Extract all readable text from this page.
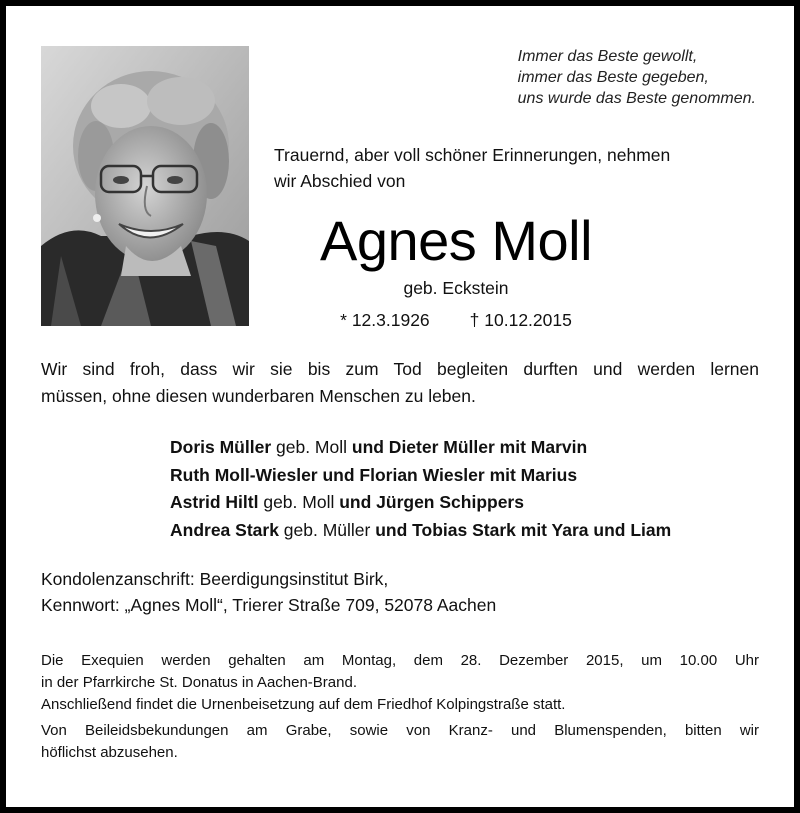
Immer das Beste gewollt,
immer das Beste gegeben,
uns wurde das Beste genommen.
Trauernd, aber voll schöner Erinnerungen, nehmen
wir Abschied von
Agnes Moll
geb. Eckstein
* 12.3.1926 † 10.12.2015
Wir sind froh, dass wir sie bis zum Tod begleiten durften und werden lernen
müssen, ohne diesen wunderbaren Menschen zu leben.
Doris Müller geb. Moll und Dieter Müller mit Marvin
Ruth Moll-Wiesler und Florian Wiesler mit Marius
Astrid Hiltl geb. Moll und Jürgen Schippers
Andrea Stark geb. Müller und Tobias Stark mit Yara und Liam
Kondolenzanschrift: Beerdigungsinstitut Birk,
Kennwort: „Agnes Moll“, Trierer Straße 709, 52078 Aachen
Die Exequien werden gehalten am Montag, dem 28. Dezember 2015, um 10.00 Uhr
in der Pfarrkirche St. Donatus in Aachen-Brand.
Anschließend findet die Urnenbeisetzung auf dem Friedhof Kolpingstraße statt.
Von Beileidsbekundungen am Grabe, sowie von Kranz- und Blumenspenden, bitten wir
höflichst abzusehen.
